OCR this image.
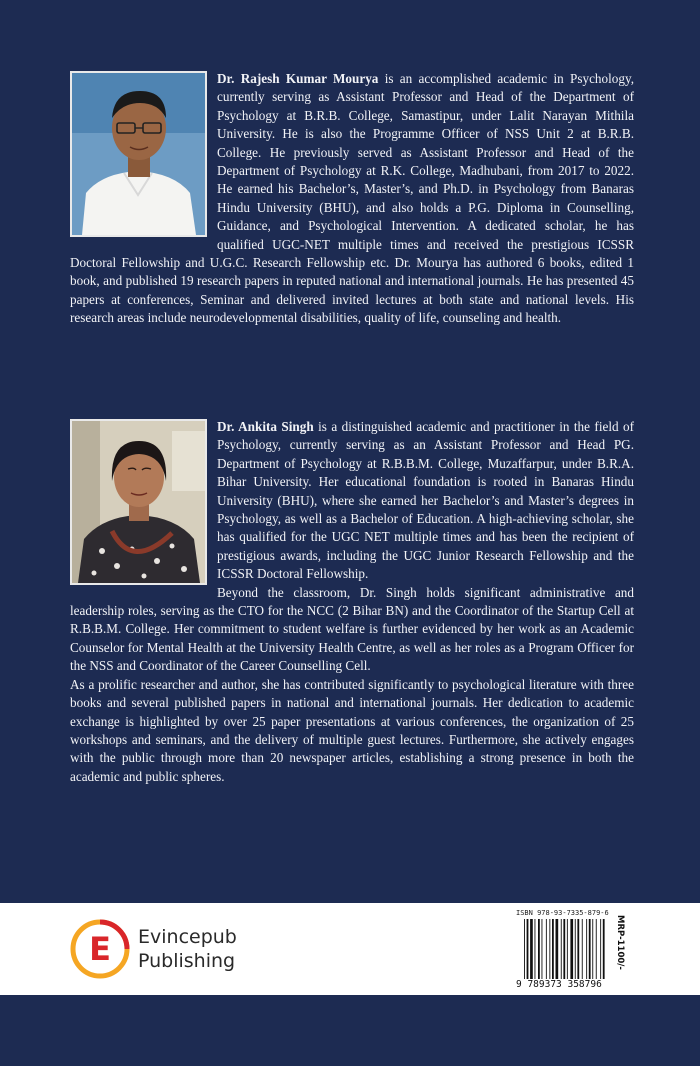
Dr. Rajesh Kumar Mourya is an accomplished academic in Psychology, currently serving as Assistant Professor and Head of the Department of Psychology at B.R.B. College, Samastipur, under Lalit Narayan Mithila University. He is also the Programme Officer of NSS Unit 2 at B.R.B. College. He previously served as Assistant Professor and Head of the Department of Psychology at R.K. College, Madhubani, from 2017 to 2022. He earned his Bachelor’s, Master’s, and Ph.D. in Psychology from Banaras Hindu University (BHU), and also holds a P.G. Diploma in Counselling, Guidance, and Psychological Intervention. A dedicated scholar, he has qualified UGC-NET multiple times and received the prestigious ICSSR Doctoral Fellowship and U.G.C. Research Fellowship etc. Dr. Mourya has authored 6 books, edited 1 book, and published 19 research papers in reputed national and international journals. He has presented 45 papers at conferences, Seminar and delivered invited lectures at both state and national levels. His research areas include neurodevelopmental disabilities, quality of life, counseling and health.

Dr. Ankita Singh is a distinguished academic and practitioner in the field of Psychology, currently serving as an Assistant Professor and Head PG. Department of Psychology at R.B.B.M. College, Muzaffarpur, under B.R.A. Bihar University. Her educational foundation is rooted in Banaras Hindu University (BHU), where she earned her Bachelor’s and Master’s degrees in Psychology, as well as a Bachelor of Education. A high-achieving scholar, she has qualified for the UGC NET multiple times and has been the recipient of prestigious awards, including the UGC Junior Research Fellowship and the ICSSR Doctoral Fellowship.

Beyond the classroom, Dr. Singh holds significant administrative and leadership roles, serving as the CTO for the NCC (2 Bihar BN) and the Coordinator of the Startup Cell at R.B.B.M. College. Her commitment to student welfare is further evidenced by her work as an Academic Counselor for Mental Health at the University Health Centre, as well as her roles as a Program Officer for the NSS and Coordinator of the Career Counselling Cell.

As a prolific researcher and author, she has contributed significantly to psychological literature with three books and several published papers in national and international journals. Her dedication to academic exchange is highlighted by over 25 paper presentations at various conferences, the organization of 25 workshops and seminars, and the delivery of multiple guest lectures. Furthermore, she actively engages with the public through more than 20 newspaper articles, establishing a strong presence in both the academic and public spheres.

E Evincepub
Publishing
ISBN 978-93-7335-879-6
9 789373 358796
MRP-1100/-
